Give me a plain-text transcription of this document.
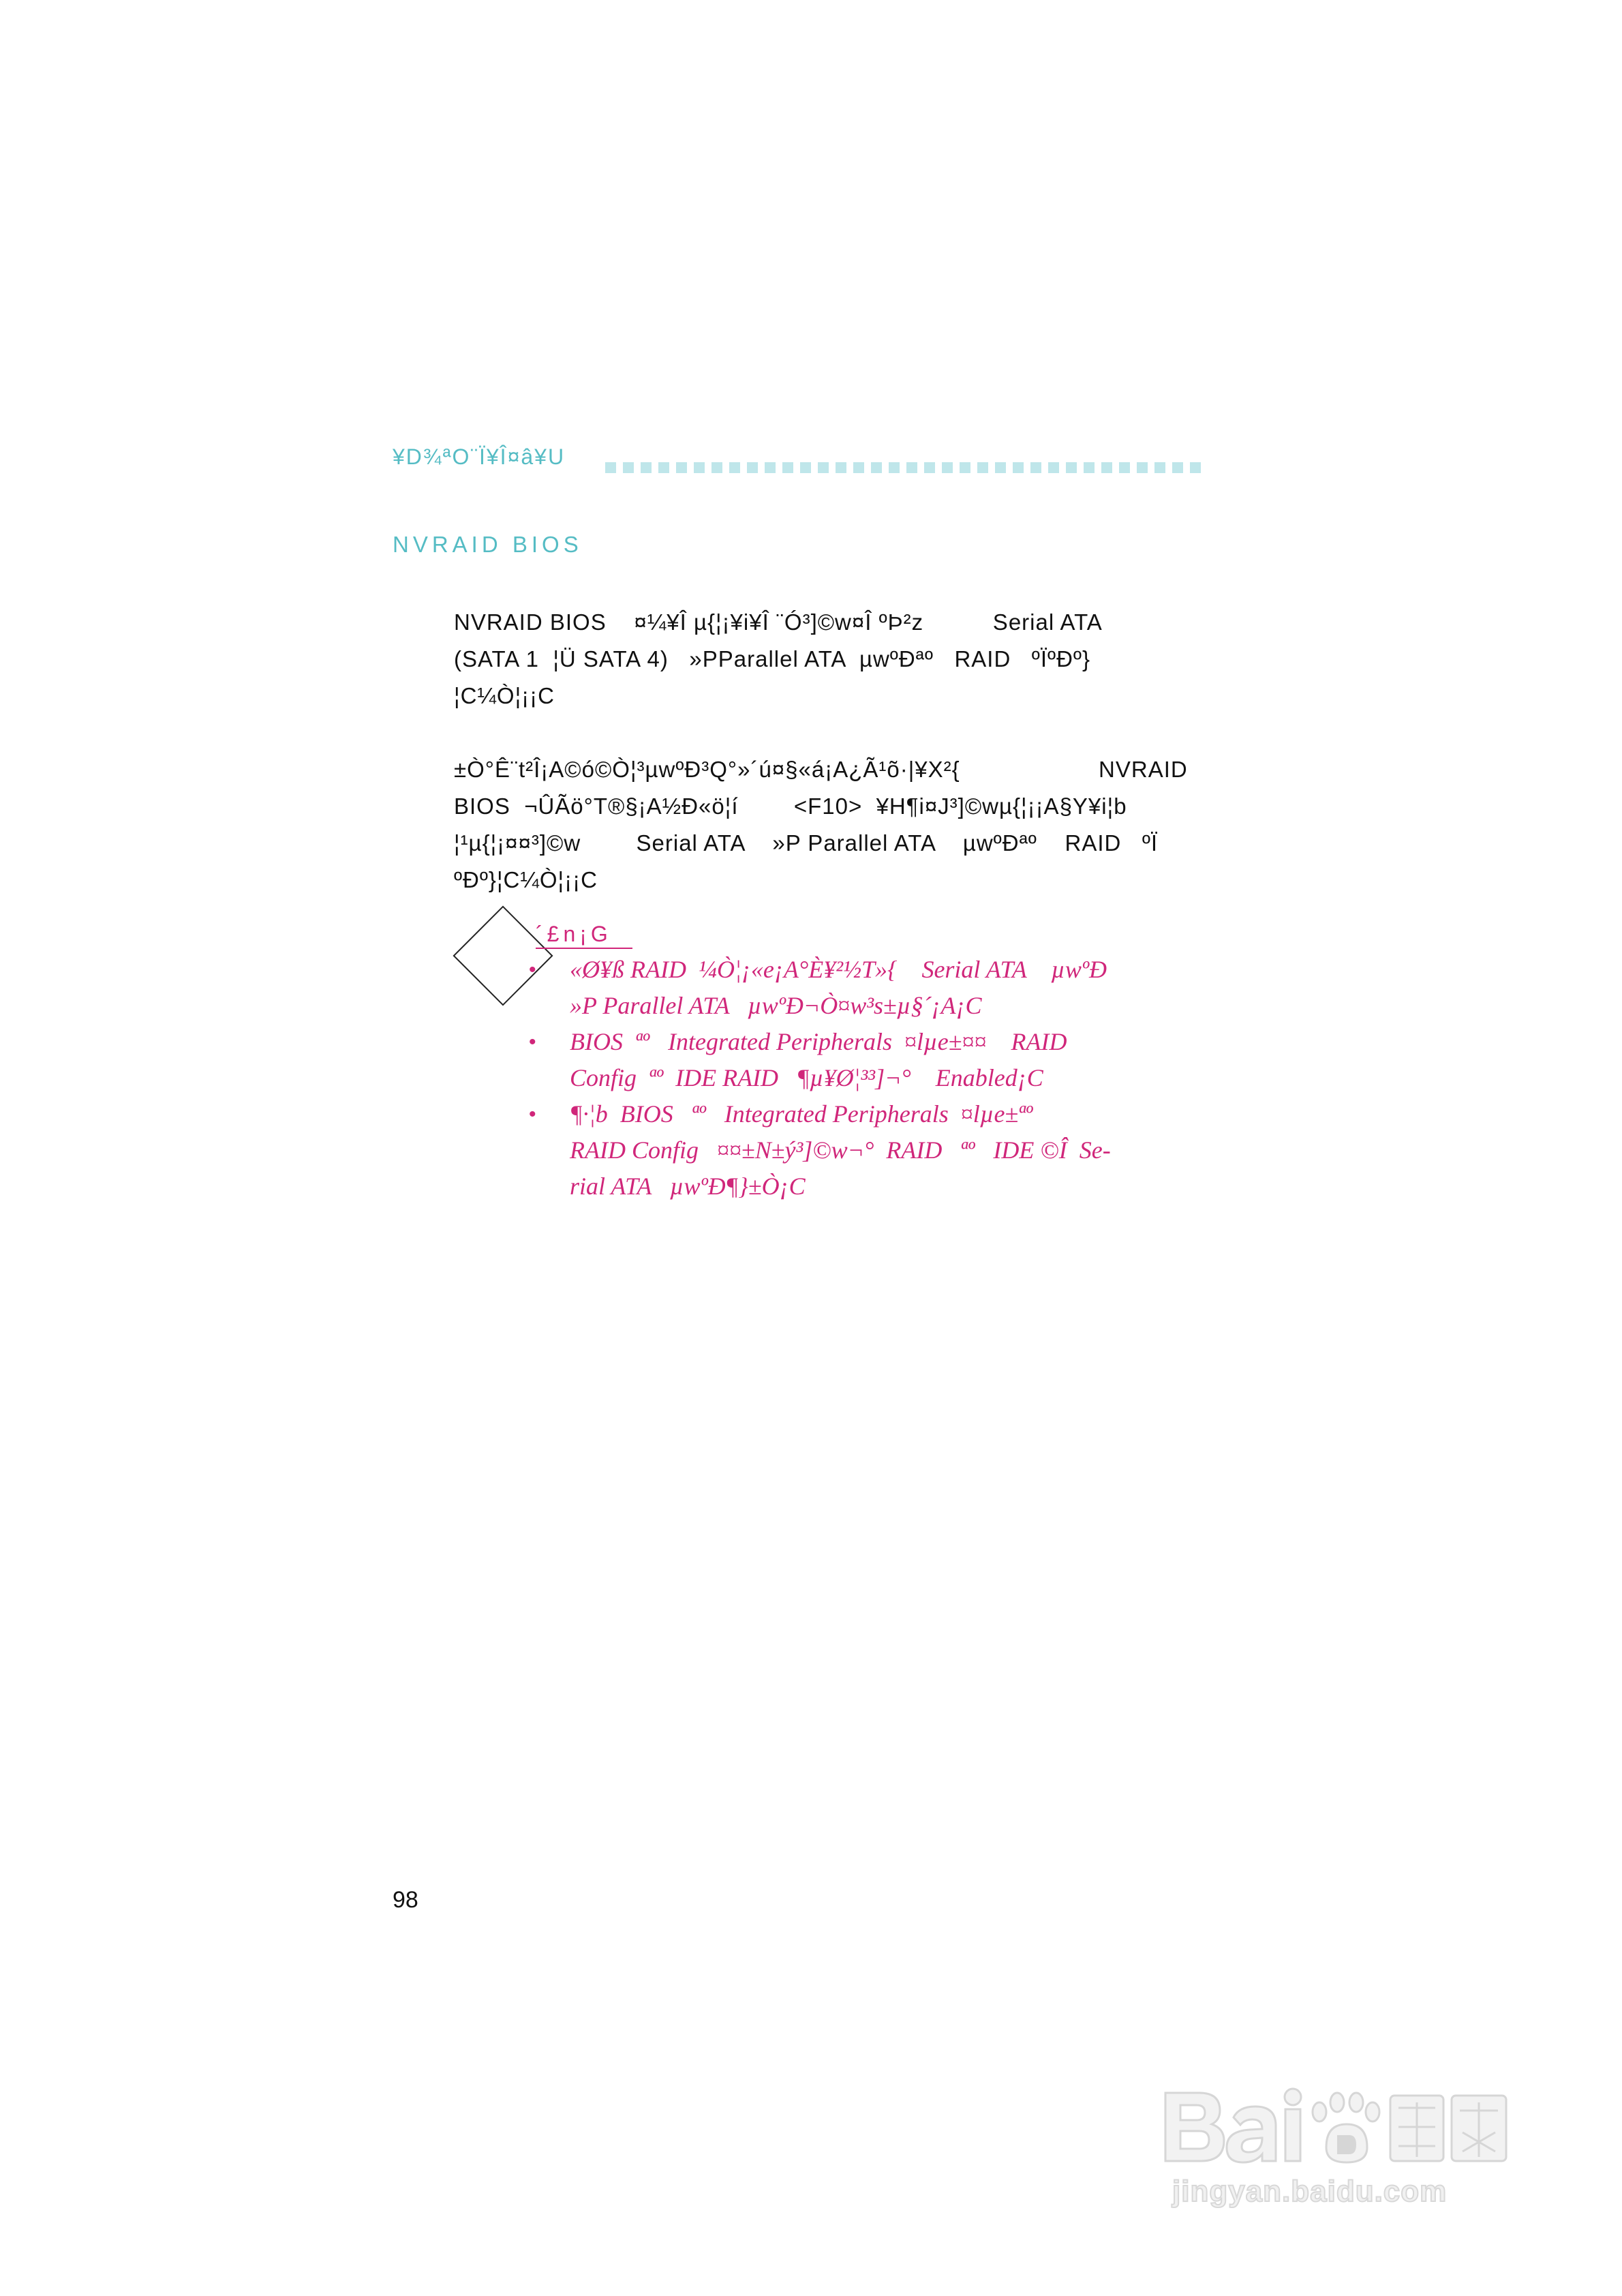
¥D¾ªO¨Ï¥Î¤â¥U
NVRAID BIOS
NVRAID BIOS    ¤¼¥Î µ{¦¡¥i¥Î ¨Ó³]©w¤Î ºÞ²z          Serial ATA
(SATA 1  ¦Ü SATA 4)   »PParallel ATA  µwºÐªº   RAID   ºÏºÐº}
¦C¼Ò¦¡¡C
±Ò°Ê¨t²Î¡A©ó©Ò¦³µwºÐ³Q°»´ú¤§«á¡A¿Ã¹õ·|¥X²{                    NVRAID
BIOS  ¬ÛÃö°T®§¡A½Ð«ö¦í        <F10>  ¥H¶i¤J³]©wµ{¦¡¡A§Y¥i¦b
¦¹µ{¦¡¤¤³]©w        Serial ATA    »P Parallel ATA    µwºÐªº    RAID   ºÏ
ºÐº}¦C¼Ò¦¡¡C
´£n¡G
• «Ø¥ß RAID  ¼Ò¦¡«e¡A°È¥²½T»{    Serial ATA    µwºÐ
»P Parallel ATA   µwºÐ¬Ò¤w³s±µ§´¡A¡C
• BIOS  ªº   Integrated Peripherals  ¤lµe±¤¤    RAID
Config  ªº  IDE RAID   ¶µ¥Ø¦³³]¬°    Enabled¡C
• ¶·¦b  BIOS   ªº   Integrated Peripherals  ¤lµe±ªº
RAID Config   ¤¤±N±ý³]©w¬°  RAID   ªº   IDE ©Î  Se-
rial ATA   µwºÐ¶}±Ò¡C
98
jingyan.baidu.com
